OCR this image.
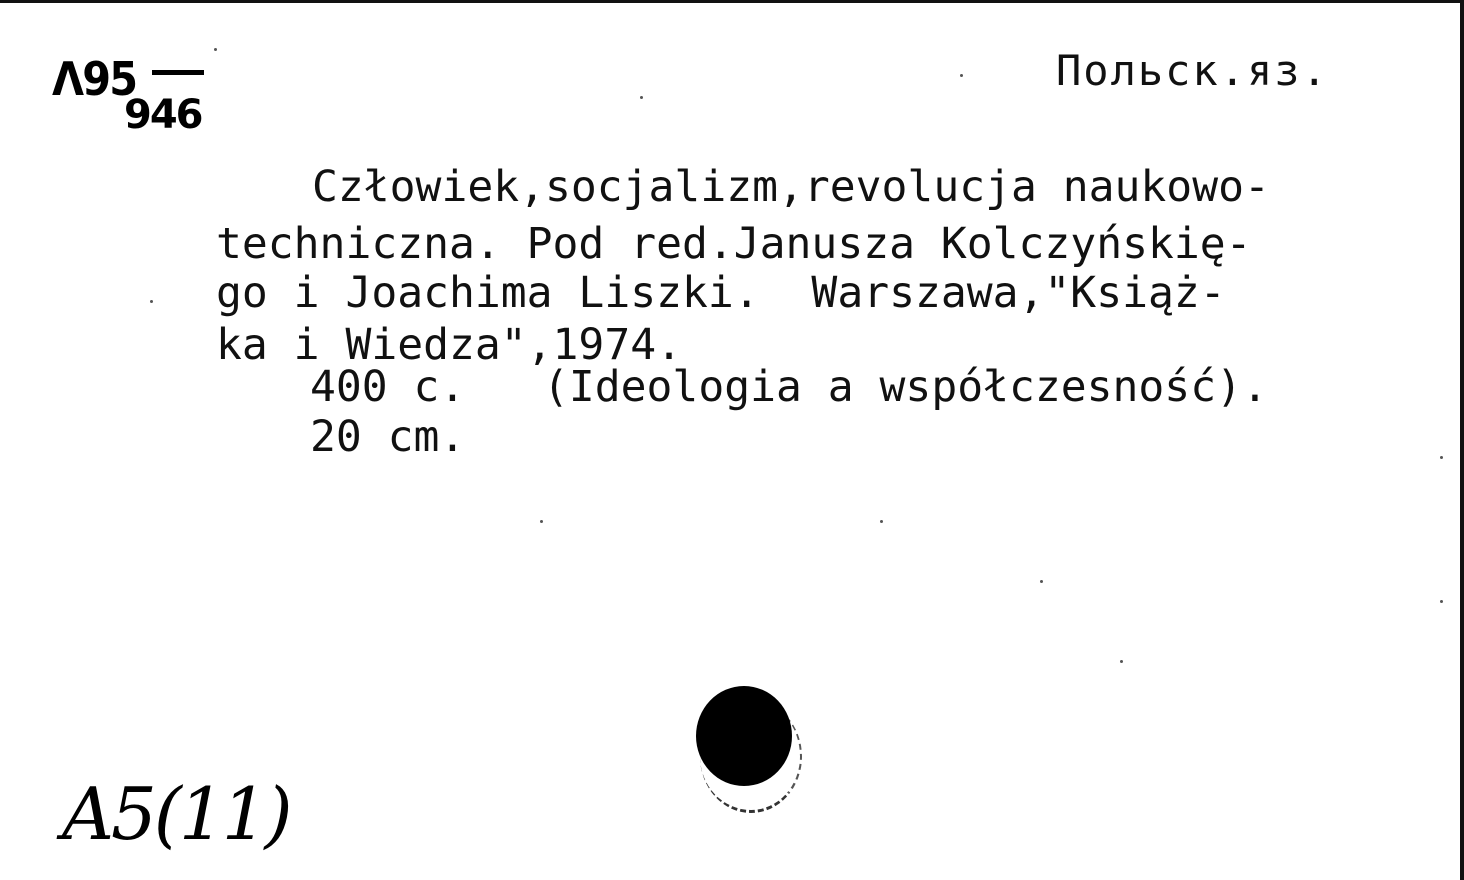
Λ95
946
Польск.яз.
Człowiek,socjalizm,revolucja naukowo-
techniczna. Pod red.Janusza Kolczyńskię-
go i Joachima Liszki.  Warszawa,"Książ-
ka i Wiedza",1974.
400 c.   (Ideologia a współczesność).
20 cm.
A5(11)
